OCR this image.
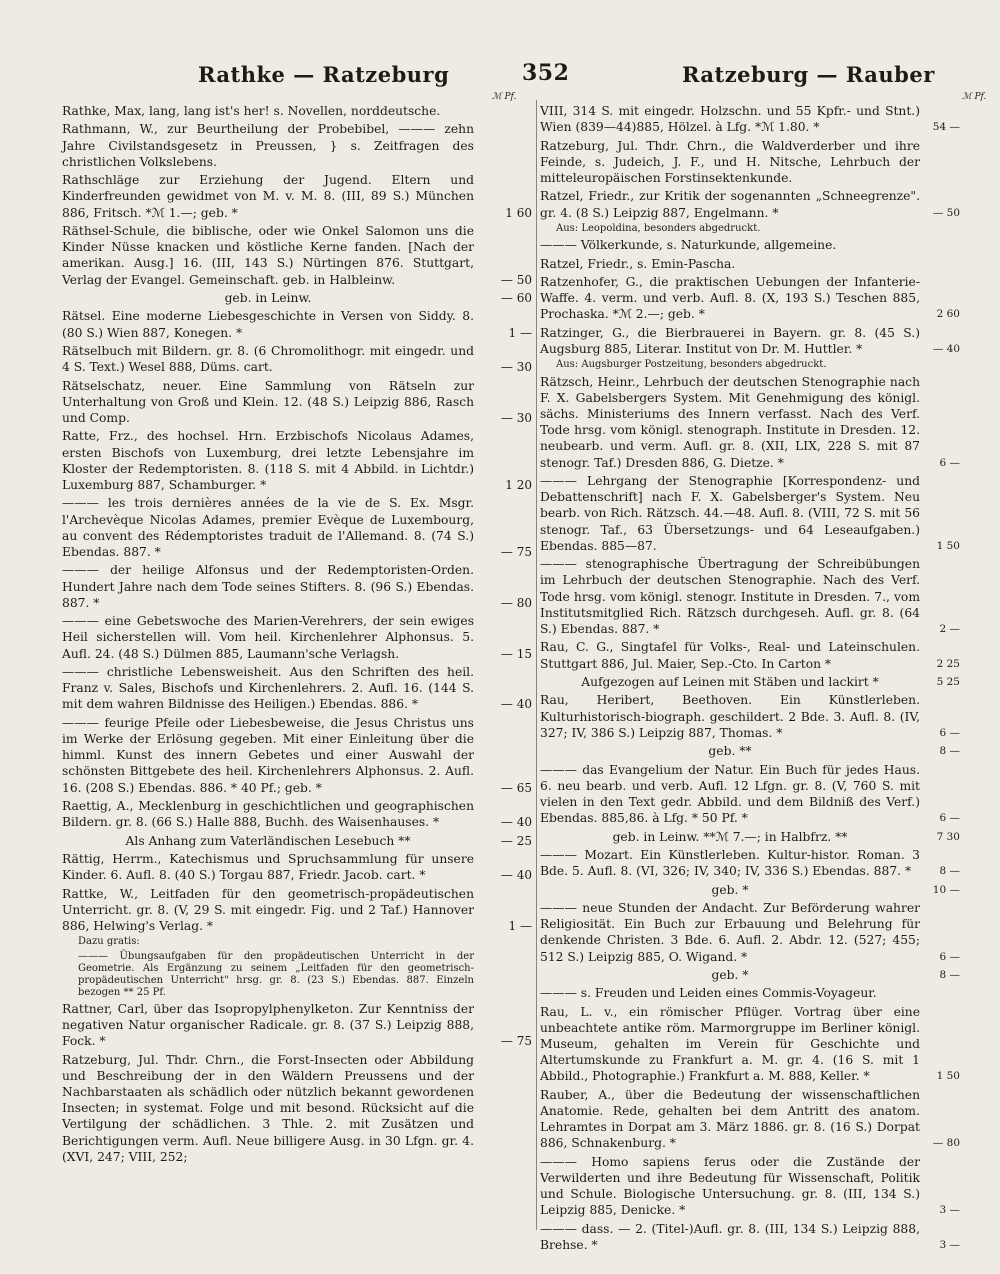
Rathke — Ratzeburg	352	Ratzeburg — Rauber
ℳ Pf.	ℳ Pf.
Rathke, Max, lang, lang ist's her! s. Novellen, norddeutsche.
Rathmann, W., zur Beurtheilung der Probebibel, ——— zehn Jahre Civilstandsgesetz in Preussen, } s. Zeitfragen des christlichen Volkslebens.
Rathschläge zur Erziehung der Jugend. Eltern und Kinderfreunden gewidmet von M. v. M. 8. (III, 89 S.) München 886, Fritsch. *ℳ 1.—; geb. *	1 60
Räthsel-Schule, die biblische, oder wie Onkel Salomon uns die Kinder Nüsse knacken und köstliche Kerne fanden. [Nach der amerikan. Ausg.] 16. (III, 143 S.) Nürtingen 876. Stuttgart, Verlag der Evangel. Gemeinschaft. geb. in Halbleinw.	— 50
geb. in Leinw.	— 60
Rätsel. Eine moderne Liebesgeschichte in Versen von Siddy. 8. (80 S.) Wien 887, Konegen. *	1 —
Rätselbuch mit Bildern. gr. 8. (6 Chromolithogr. mit eingedr. und 4 S. Text.) Wesel 888, Düms. cart.	— 30
Rätselschatz, neuer. Eine Sammlung von Rätseln zur Unterhaltung von Groß und Klein. 12. (48 S.) Leipzig 886, Rasch und Comp.	— 30
Ratte, Frz., des hochsel. Hrn. Erzbischofs Nicolaus Adames, ersten Bischofs von Luxemburg, drei letzte Lebensjahre im Kloster der Redemptoristen. 8. (118 S. mit 4 Abbild. in Lichtdr.) Luxemburg 887, Schamburger. *	1 20
——— les trois dernières années de la vie de S. Ex. Msgr. l'Archevèque Nicolas Adames, premier Evèque de Luxembourg, au convent des Rédemptoristes traduit de l'Allemand. 8. (74 S.) Ebendas. 887. *	— 75
——— der heilige Alfonsus und der Redemptoristen-Orden. Hundert Jahre nach dem Tode seines Stifters. 8. (96 S.) Ebendas. 887. *	— 80
——— eine Gebetswoche des Marien-Verehrers, der sein ewiges Heil sicherstellen will. Vom heil. Kirchenlehrer Alphonsus. 5. Aufl. 24. (48 S.) Dülmen 885, Laumann'sche Verlagsh.	— 15
——— christliche Lebensweisheit. Aus den Schriften des heil. Franz v. Sales, Bischofs und Kirchenlehrers. 2. Aufl. 16. (144 S. mit dem wahren Bildnisse des Heiligen.) Ebendas. 886. *	— 40
——— feurige Pfeile oder Liebesbeweise, die Jesus Christus uns im Werke der Erlösung gegeben. Mit einer Einleitung über die himml. Kunst des innern Gebetes und einer Auswahl der schönsten Bittgebete des heil. Kirchenlehrers Alphonsus. 2. Aufl. 16. (208 S.) Ebendas. 886. * 40 Pf.; geb. *	— 65
Raettig, A., Mecklenburg in geschichtlichen und geographischen Bildern. gr. 8. (66 S.) Halle 888, Buchh. des Waisenhauses. *	— 40
Als Anhang zum Vaterländischen Lesebuch **	— 25
Rättig, Herrm., Katechismus und Spruchsammlung für unsere Kinder. 6. Aufl. 8. (40 S.) Torgau 887, Friedr. Jacob. cart. *	— 40
Rattke, W., Leitfaden für den geometrisch-propädeutischen Unterricht. gr. 8. (V, 29 S. mit eingedr. Fig. und 2 Taf.) Hannover 886, Helwing's Verlag. *	1 —
Dazu gratis:
——— Übungsaufgaben für den propädeutischen Unterricht in der Geometrie. Als Ergänzung zu seinem „Leitfaden für den geometrisch-propädeutischen Unterricht" hrsg. gr. 8. (23 S.) Ebendas. 887. Einzeln bezogen ** 25 Pf.
Rattner, Carl, über das Isopropylphenylketon. Zur Kenntniss der negativen Natur organischer Radicale. gr. 8. (37 S.) Leipzig 888, Fock. *	— 75
Ratzeburg, Jul. Thdr. Chrn., die Forst-Insecten oder Abbildung und Beschreibung der in den Wäldern Preussens und der Nachbarstaaten als schädlich oder nützlich bekannt gewordenen Insecten; in systemat. Folge und mit besond. Rücksicht auf die Vertilgung der schädlichen. 3 Thle. 2. mit Zusätzen und Berichtigungen verm. Aufl. Neue billigere Ausg. in 30 Lfgn. gr. 4. (XVI, 247; VIII, 252;
VIII, 314 S. mit eingedr. Holzschn. und 55 Kpfr.- und Stnt.) Wien (839—44)885, Hölzel. à Lfg. *ℳ 1.80. *	54 —
Ratzeburg, Jul. Thdr. Chrn., die Waldverderber und ihre Feinde, s. Judeich, J. F., und H. Nitsche, Lehrbuch der mitteleuropäischen Forstinsektenkunde.
Ratzel, Friedr., zur Kritik der sogenannten „Schneegrenze". gr. 4. (8 S.) Leipzig 887, Engelmann. *	— 50
Aus: Leopoldina, besonders abgedruckt.
——— Völkerkunde, s. Naturkunde, allgemeine.
Ratzel, Friedr., s. Emin-Pascha.
Ratzenhofer, G., die praktischen Uebungen der Infanterie-Waffe. 4. verm. und verb. Aufl. 8. (X, 193 S.) Teschen 885, Prochaska. *ℳ 2.—; geb. *	2 60
Ratzinger, G., die Bierbrauerei in Bayern. gr. 8. (45 S.) Augsburg 885, Literar. Institut von Dr. M. Huttler. *	— 40
Aus: Augsburger Postzeitung, besonders abgedruckt.
Rätzsch, Heinr., Lehrbuch der deutschen Stenographie nach F. X. Gabelsbergers System. Mit Genehmigung des königl. sächs. Ministeriums des Innern verfasst. Nach des Verf. Tode hrsg. vom königl. stenograph. Institute in Dresden. 12. neubearb. und verm. Aufl. gr. 8. (XII, LIX, 228 S. mit 87 stenogr. Taf.) Dresden 886, G. Dietze. *	6 —
——— Lehrgang der Stenographie [Korrespondenz- und Debattenschrift] nach F. X. Gabelsberger's System. Neu bearb. von Rich. Rätzsch. 44.—48. Aufl. 8. (VIII, 72 S. mit 56 stenogr. Taf., 63 Übersetzungs- und 64 Leseaufgaben.) Ebendas. 885—87.	1 50
——— stenographische Übertragung der Schreibübungen im Lehrbuch der deutschen Stenographie. Nach des Verf. Tode hrsg. vom königl. stenogr. Institute in Dresden. 7., vom Institutsmitglied Rich. Rätzsch durchgeseh. Aufl. gr. 8. (64 S.) Ebendas. 887. *	2 —
Rau, C. G., Singtafel für Volks-, Real- und Lateinschulen. Stuttgart 886, Jul. Maier, Sep.-Cto. In Carton *	2 25
Aufgezogen auf Leinen mit Stäben und lackirt *	5 25
Rau, Heribert, Beethoven. Ein Künstlerleben. Kulturhistorisch-biograph. geschildert. 2 Bde. 3. Aufl. 8. (IV, 327; IV, 386 S.) Leipzig 887, Thomas. *	6 —
geb. **	8 —
——— das Evangelium der Natur. Ein Buch für jedes Haus. 6. neu bearb. und verb. Aufl. 12 Lfgn. gr. 8. (V, 760 S. mit vielen in den Text gedr. Abbild. und dem Bildniß des Verf.) Ebendas. 885,86. à Lfg. * 50 Pf. *	6 —
geb. in Leinw. **ℳ 7.—; in Halbfrz. **	7 30
——— Mozart. Ein Künstlerleben. Kultur-histor. Roman. 3 Bde. 5. Aufl. 8. (VI, 326; IV, 340; IV, 336 S.) Ebendas. 887. *	8 —
geb. *	10 —
——— neue Stunden der Andacht. Zur Beförderung wahrer Religiosität. Ein Buch zur Erbauung und Belehrung für denkende Christen. 3 Bde. 6. Aufl. 2. Abdr. 12. (527; 455; 512 S.) Leipzig 885, O. Wigand. *	6 —
geb. *	8 —
——— s. Freuden und Leiden eines Commis-Voyageur.
Rau, L. v., ein römischer Pflüger. Vortrag über eine unbeachtete antike röm. Marmorgruppe im Berliner königl. Museum, gehalten im Verein für Geschichte und Altertumskunde zu Frankfurt a. M. gr. 4. (16 S. mit 1 Abbild., Photographie.) Frankfurt a. M. 888, Keller. *	1 50
Rauber, A., über die Bedeutung der wissenschaftlichen Anatomie. Rede, gehalten bei dem Antritt des anatom. Lehramtes in Dorpat am 3. März 1886. gr. 8. (16 S.) Dorpat 886, Schnakenburg. *	— 80
——— Homo sapiens ferus oder die Zustände der Verwilderten und ihre Bedeutung für Wissenschaft, Politik und Schule. Biologische Untersuchung. gr. 8. (III, 134 S.) Leipzig 885, Denicke. *	3 —
——— dass. — 2. (Titel-)Aufl. gr. 8. (III, 134 S.) Leipzig 888, Brehse. *	3 —
